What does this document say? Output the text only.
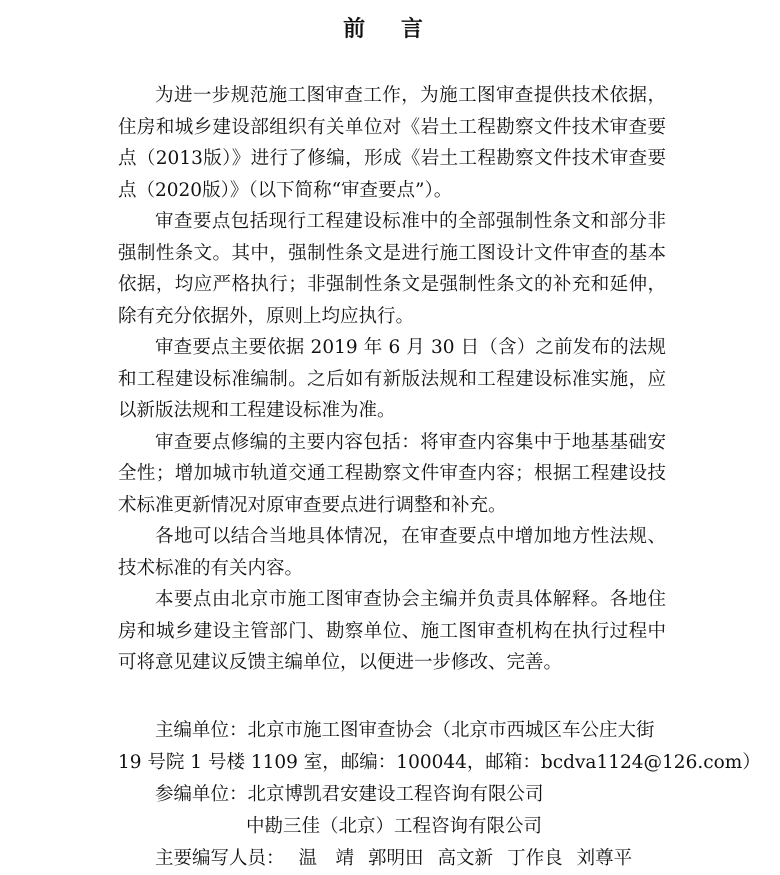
前 言

为进一步规范施工图审查工作，为施工图审查提供技术依据，住房和城乡建设部组织有关单位对《岩土工程勘察文件技术审查要点（2013版）》进行了修编，形成《岩土工程勘察文件技术审查要点（2020版）》（以下简称“审查要点”）。

审查要点包括现行工程建设标准中的全部强制性条文和部分非强制性条文。其中，强制性条文是进行施工图设计文件审查的基本依据，均应严格执行；非强制性条文是强制性条文的补充和延伸，除有充分依据外，原则上均应执行。

审查要点主要依据 2019 年 6 月 30 日（含）之前发布的法规和工程建设标准编制。之后如有新版法规和工程建设标准实施，应以新版法规和工程建设标准为准。

审查要点修编的主要内容包括：将审查内容集中于地基基础安全性；增加城市轨道交通工程勘察文件审查内容；根据工程建设技术标准更新情况对原审查要点进行调整和补充。

各地可以结合当地具体情况，在审查要点中增加地方性法规、技术标准的有关内容。

本要点由北京市施工图审查协会主编并负责具体解释。各地住房和城乡建设主管部门、勘察单位、施工图审查机构在执行过程中可将意见建议反馈主编单位，以便进一步修改、完善。

主编单位：北京市施工图审查协会（北京市西城区车公庄大街
19 号院 1 号楼 1109 室，邮编：100044，邮箱：bcdva1124@126.com）
参编单位：北京博凯君安建设工程咨询有限公司
中勘三佳（北京）工程咨询有限公司
主要编写人员： 温　靖 郭明田 高文新 丁作良 刘尊平
